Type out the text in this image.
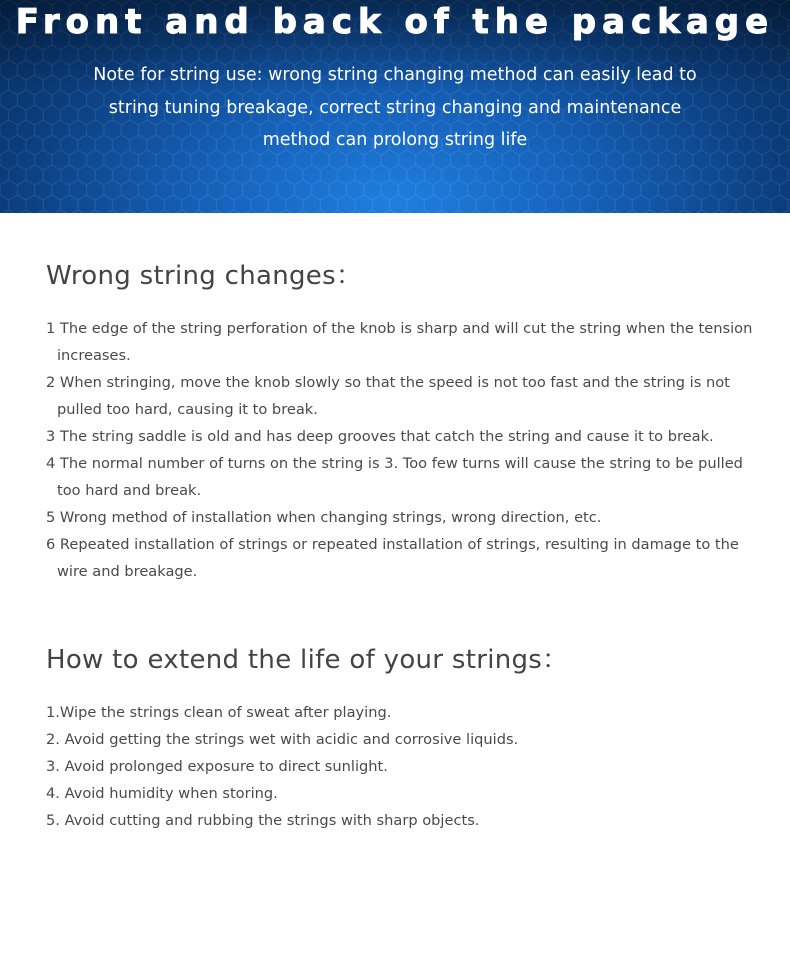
Front and back of the package
Note for string use: wrong string changing method can easily lead to
string tuning breakage, correct string changing and maintenance
method can prolong string life
Wrong string changes：
1 The edge of the string perforation of the knob is sharp and will cut the string when the tension increases.
2 When stringing, move the knob slowly so that the speed is not too fast and the string is not pulled too hard, causing it to break.
3 The string saddle is old and has deep grooves that catch the string and cause it to break.
4 The normal number of turns on the string is 3. Too few turns will cause the string to be pulled too hard and break.
5 Wrong method of installation when changing strings, wrong direction, etc.
6 Repeated installation of strings or repeated installation of strings, resulting in damage to the wire and breakage.
How to extend the life of your strings：
1.Wipe the strings clean of sweat after playing.
2. Avoid getting the strings wet with acidic and corrosive liquids.
3. Avoid prolonged exposure to direct sunlight.
4. Avoid humidity when storing.
5. Avoid cutting and rubbing the strings with sharp objects.
